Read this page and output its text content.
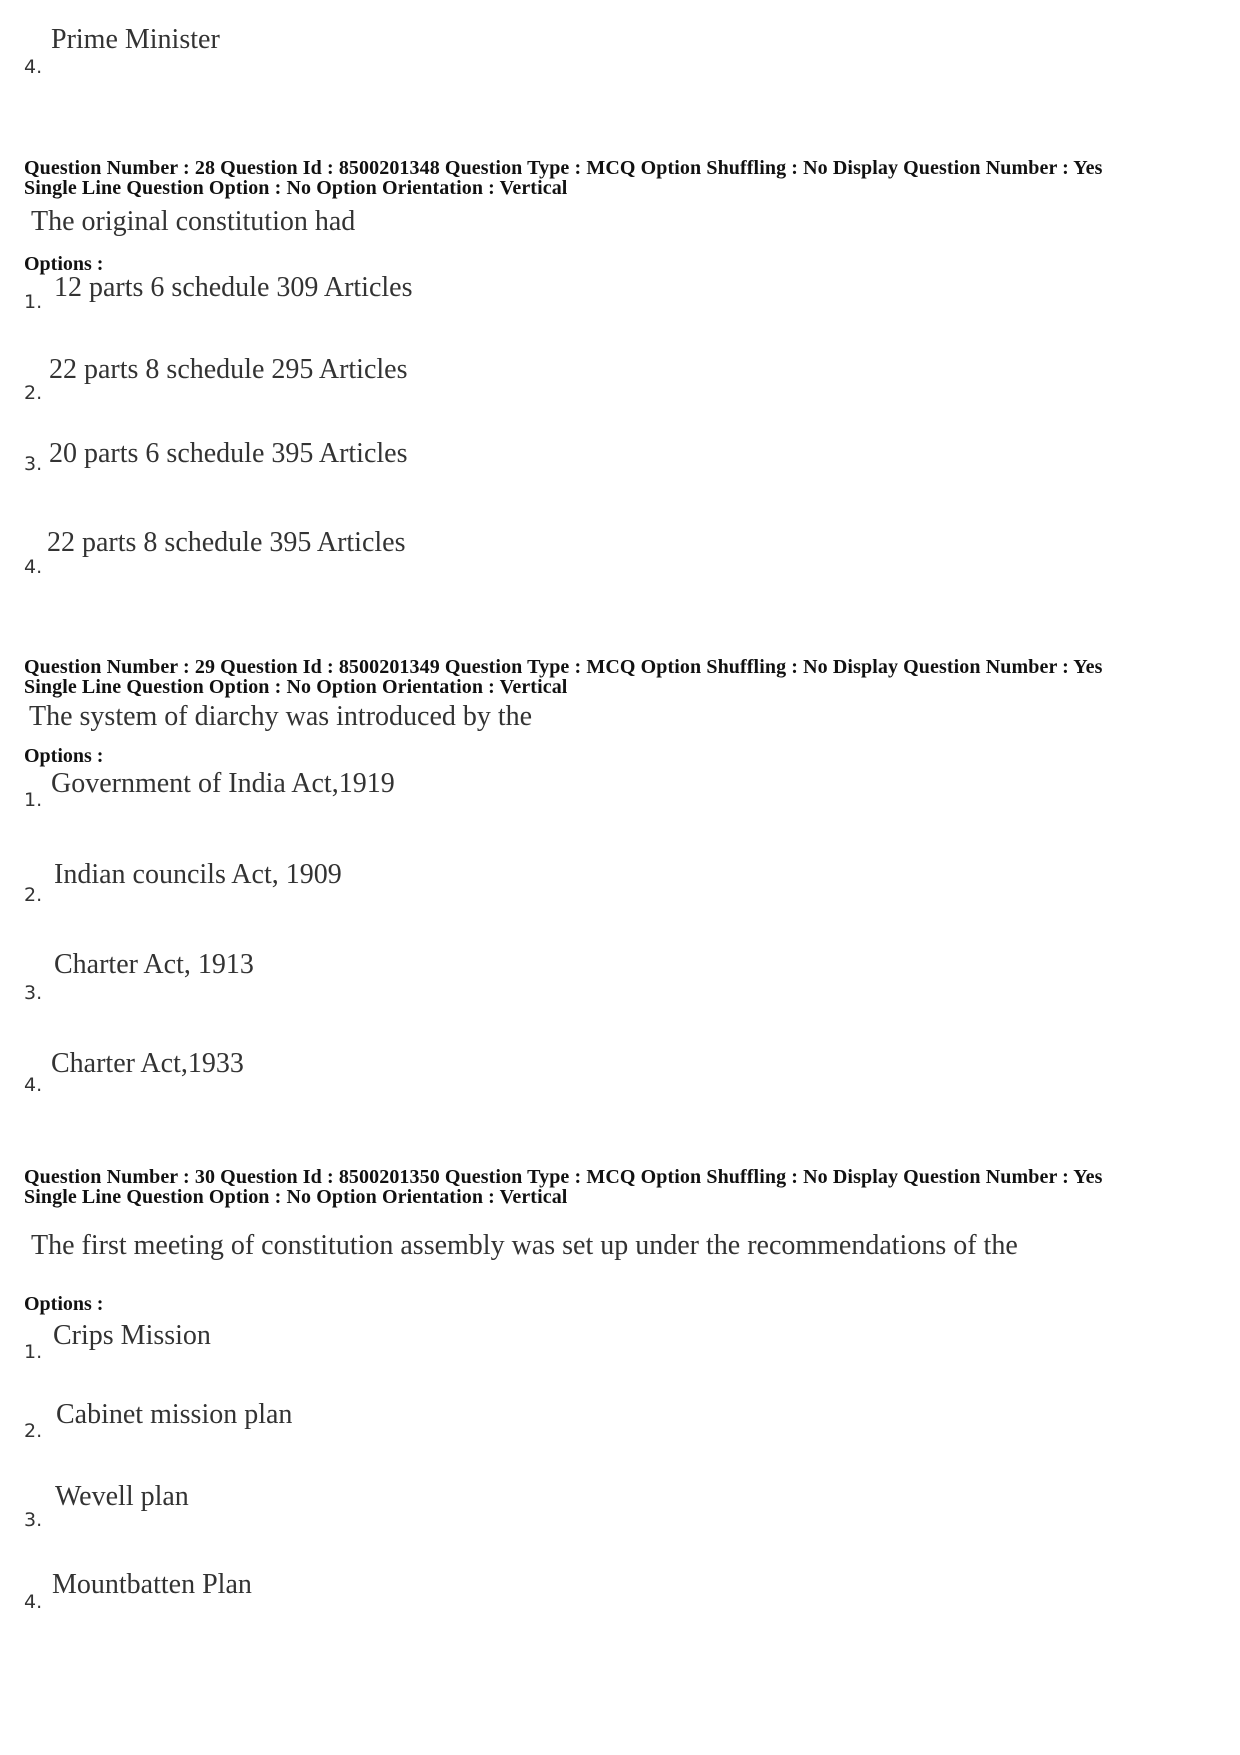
Prime Minister
4.
Question Number : 28 Question Id : 8500201348 Question Type : MCQ Option Shuffling : No Display Question Number : Yes
Single Line Question Option : No Option Orientation : Vertical
The original constitution had
Options :
1. 12 parts 6 schedule 309 Articles
2.
22 parts 8 schedule 295 Articles
3. 20 parts 6 schedule 395 Articles
4.
22 parts 8 schedule 395 Articles
Question Number : 29 Question Id : 8500201349 Question Type : MCQ Option Shuffling : No Display Question Number : Yes
Single Line Question Option : No Option Orientation : Vertical
The system of diarchy was introduced by the
Options :
1.
Government of India Act,1919
2.
Indian councils Act, 1909
3.
Charter Act, 1913
4.
Charter Act,1933
Question Number : 30 Question Id : 8500201350 Question Type : MCQ Option Shuffling : No Display Question Number : Yes
Single Line Question Option : No Option Orientation : Vertical
The first meeting of constitution assembly was set up under the recommendations of the
Options :
1.
Crips Mission
2.
Cabinet mission plan
3.
Wevell plan
4.
Mountbatten Plan
